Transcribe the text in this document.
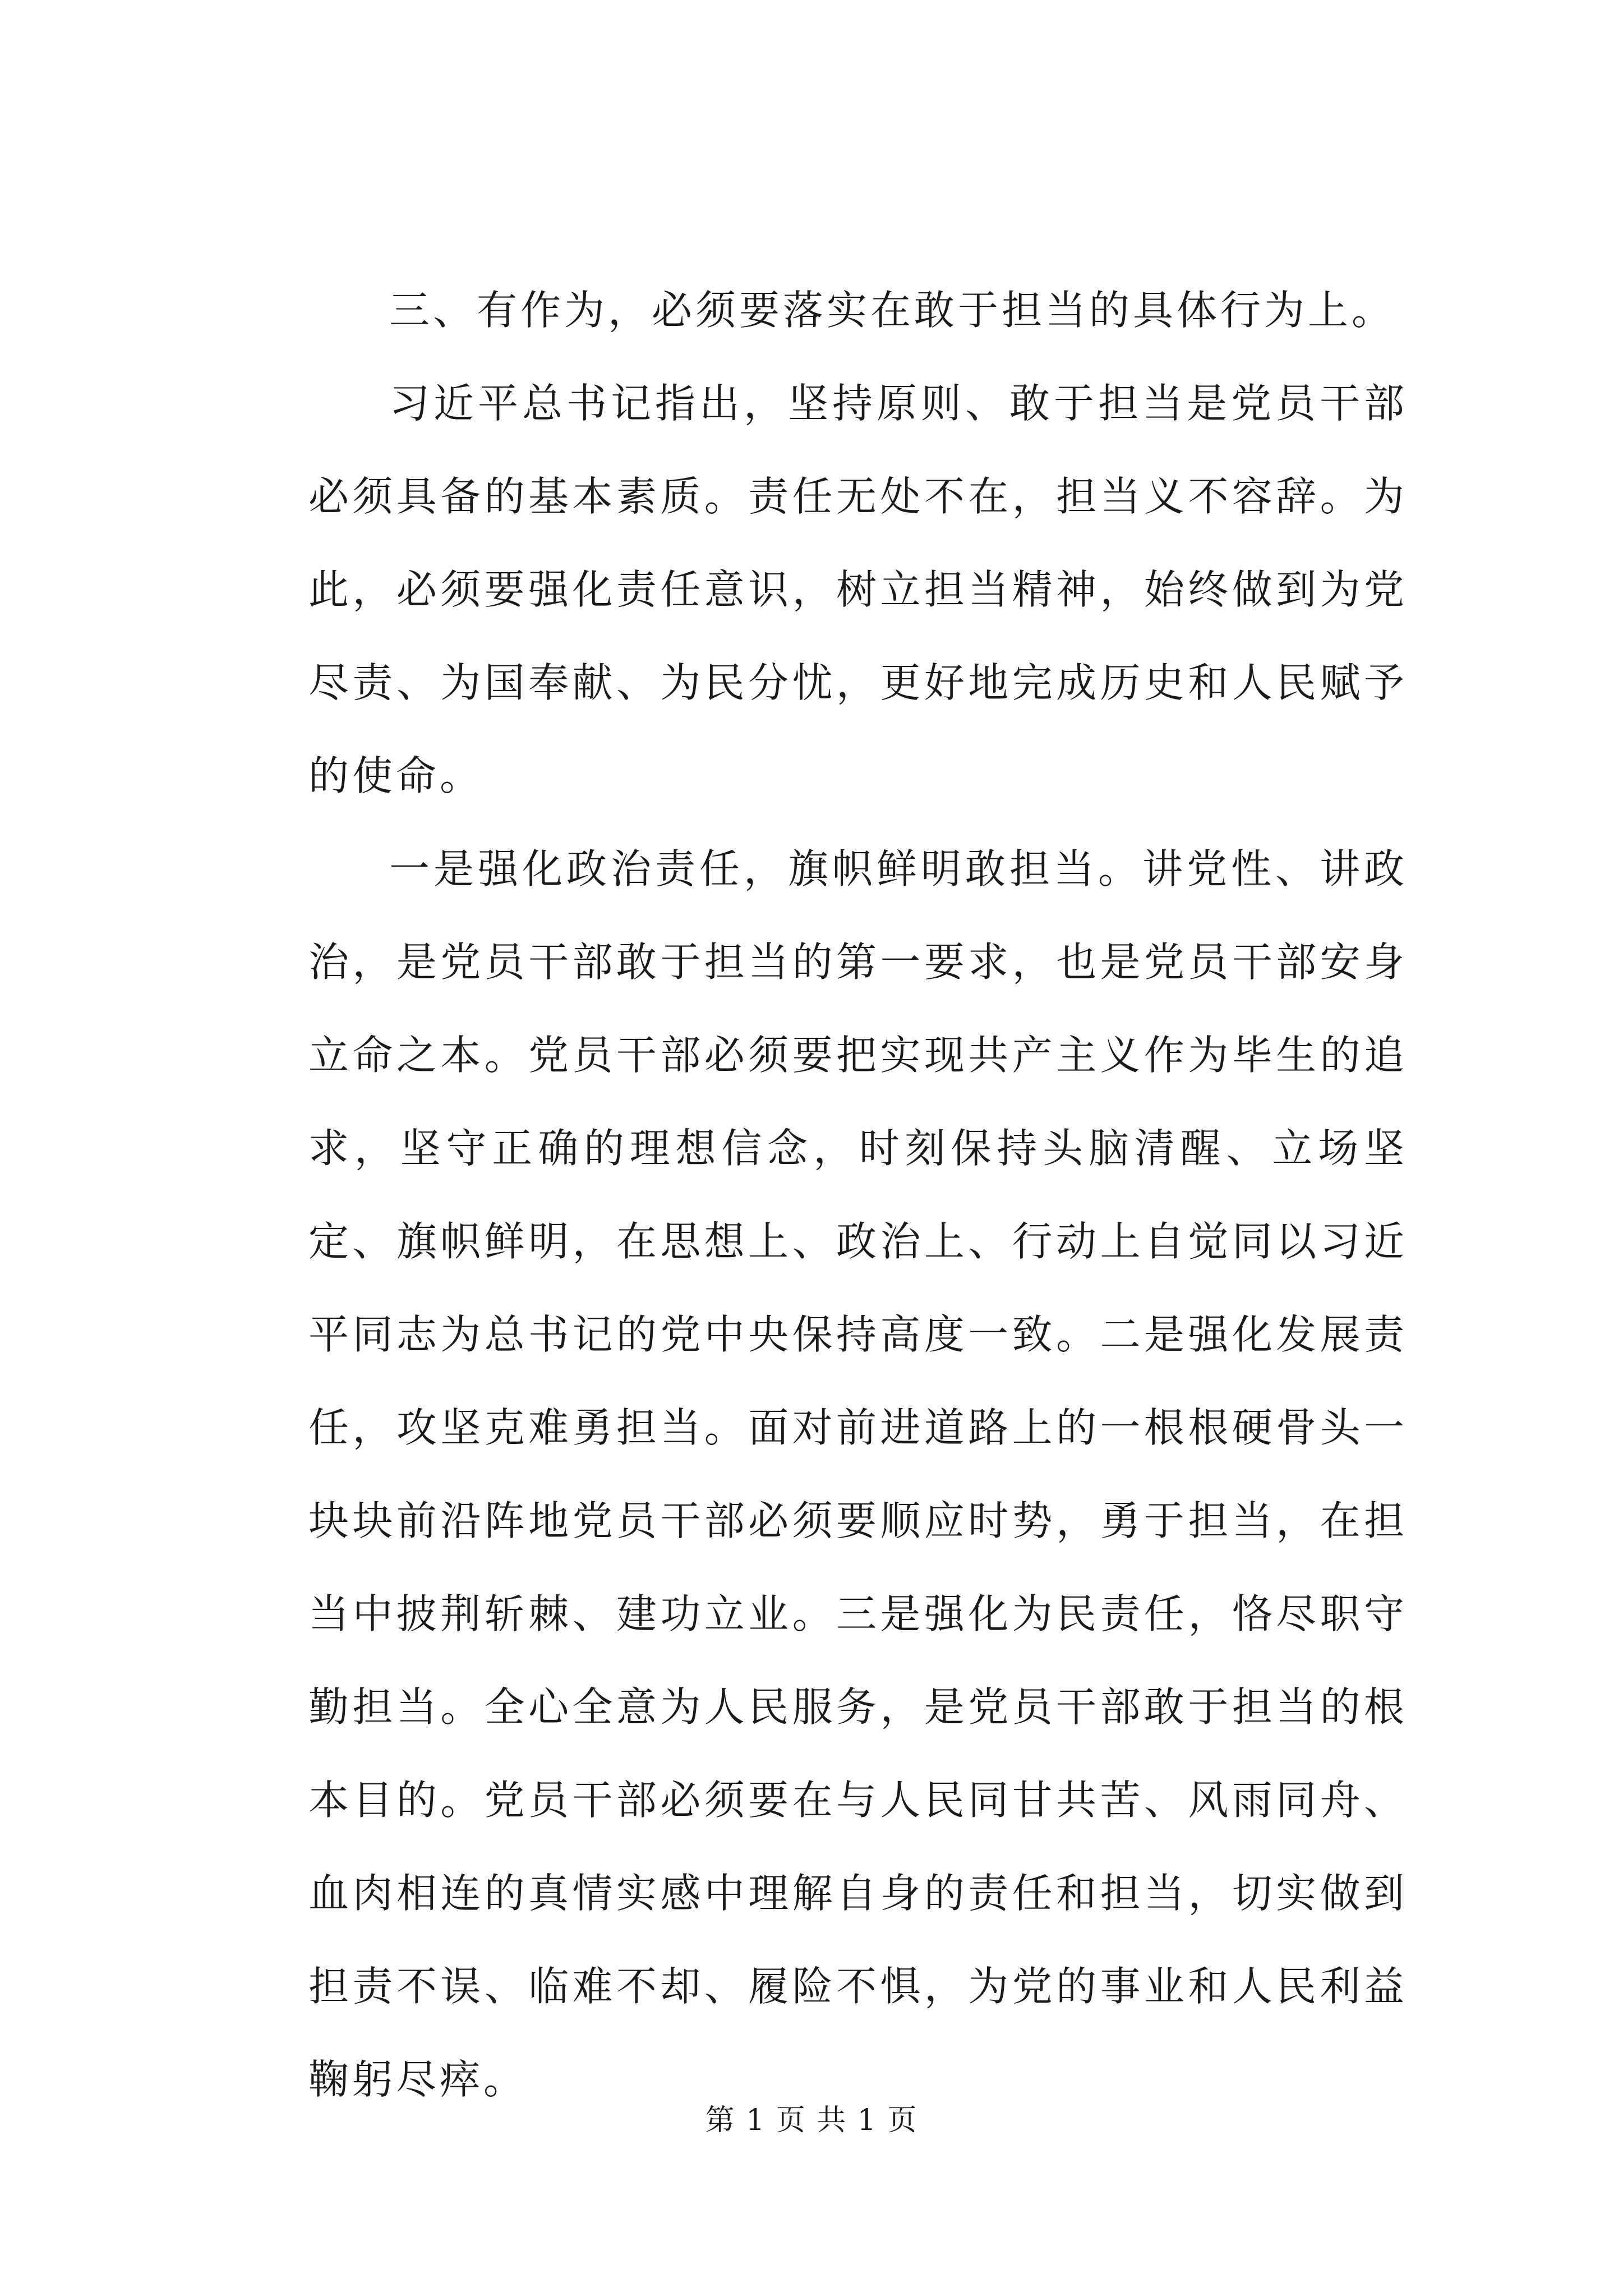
三、有作为，必须要落实在敢于担当的具体行为上。

习近平总书记指出，坚持原则、敢于担当是党员干部必须具备的基本素质。责任无处不在，担当义不容辞。为此，必须要强化责任意识，树立担当精神，始终做到为党尽责、为国奉献、为民分忧，更好地完成历史和人民赋予的使命。

一是强化政治责任，旗帜鲜明敢担当。讲党性、讲政治，是党员干部敢于担当的第一要求，也是党员干部安身立命之本。党员干部必须要把实现共产主义作为毕生的追求，坚守正确的理想信念，时刻保持头脑清醒、立场坚定、旗帜鲜明，在思想上、政治上、行动上自觉同以习近平同志为总书记的党中央保持高度一致。二是强化发展责任，攻坚克难勇担当。面对前进道路上的一根根硬骨头一块块前沿阵地党员干部必须要顺应时势，勇于担当，在担当中披荆斩棘、建功立业。三是强化为民责任，恪尽职守勤担当。全心全意为人民服务，是党员干部敢于担当的根本目的。党员干部必须要在与人民同甘共苦、风雨同舟、血肉相连的真情实感中理解自身的责任和担当，切实做到担责不误、临难不却、履险不惧，为党的事业和人民利益鞠躬尽瘁。

第 1 页 共 1 页
